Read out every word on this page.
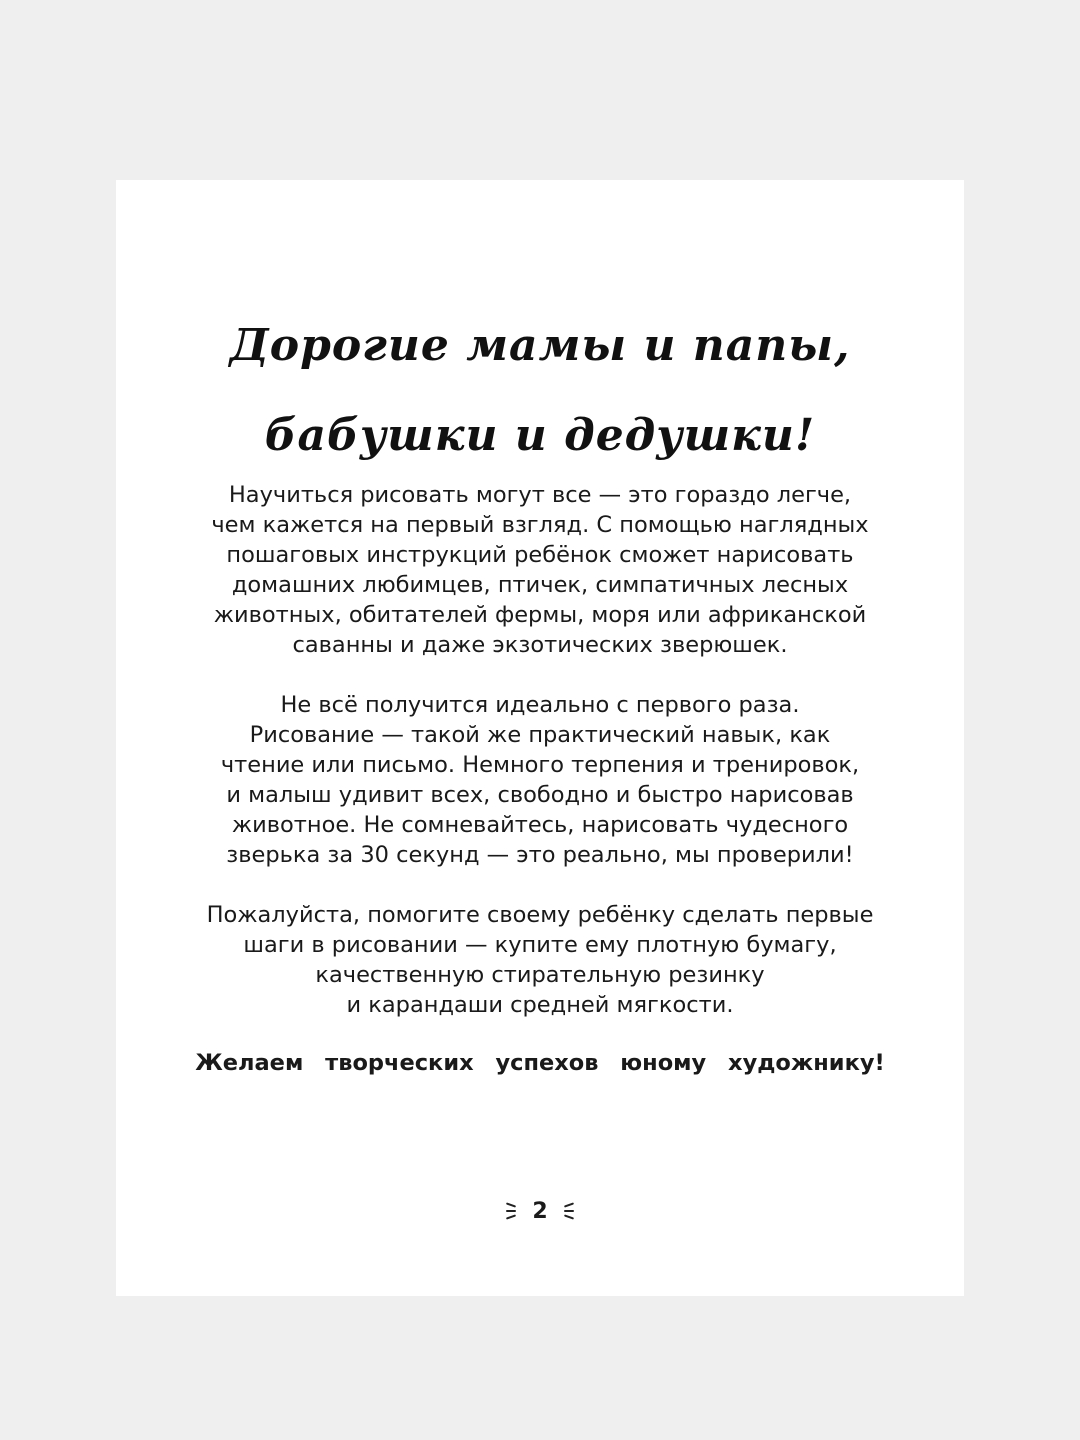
Дорогие мамы и папы,
бабушки и дедушки!

Научиться рисовать могут все — это гораздо легче,
чем кажется на первый взгляд. С помощью наглядных
пошаговых инструкций ребёнок сможет нарисовать
домашних любимцев, птичек, симпатичных лесных
животных, обитателей фермы, моря или африканской
саванны и даже экзотических зверюшек.

Не всё получится идеально с первого раза.
Рисование — такой же практический навык, как
чтение или письмо. Немного терпения и тренировок,
и малыш удивит всех, свободно и быстро нарисовав
животное. Не сомневайтесь, нарисовать чудесного
зверька за 30 секунд — это реально, мы проверили!

Пожалуйста, помогите своему ребёнку сделать первые
шаги в рисовании — купите ему плотную бумагу,
качественную стирательную резинку
и карандаши средней мягкости.

Желаем творческих успехов юному художнику!

2
